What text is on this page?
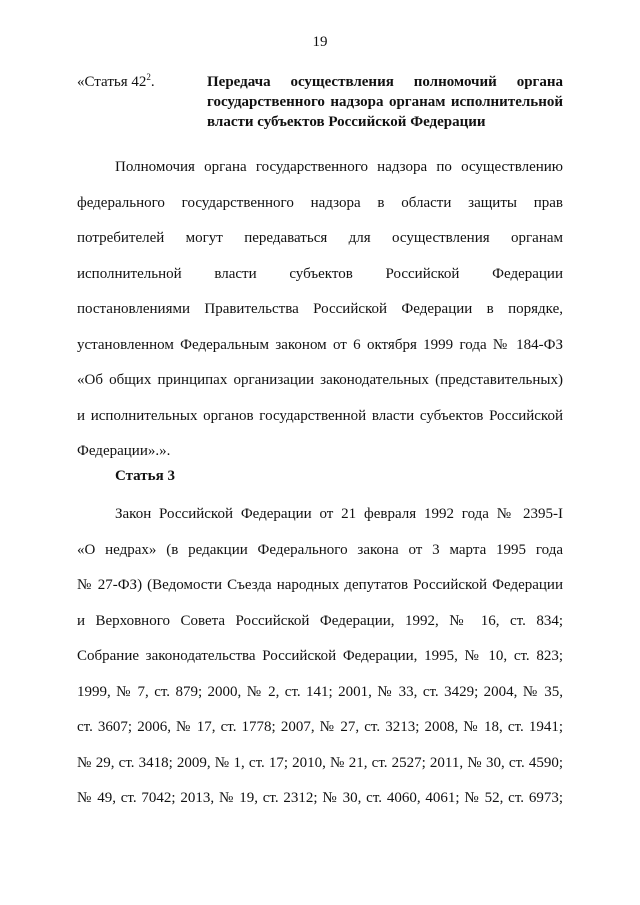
19
«Статья $42^2$.	Передача осуществления полномочий органа государственного надзора органам исполнительной власти субъектов Российской Федерации
Полномочия органа государственного надзора по осуществлению
федерального государственного надзора в области защиты прав
потребителей могут передаваться для осуществления органам
исполнительной власти субъектов Российской Федерации
постановлениями Правительства Российской Федерации в порядке,
установленном Федеральным законом от 6 октября 1999 года № 184-ФЗ
«Об общих принципах организации законодательных (представительных)
и исполнительных органов государственной власти субъектов Российской
Федерации».».
Статья 3
Закон Российской Федерации от 21 февраля 1992 года № 2395-I
«О недрах» (в редакции Федерального закона от 3 марта 1995 года
№ 27-ФЗ) (Ведомости Съезда народных депутатов Российской Федерации
и Верховного Совета Российской Федерации, 1992, № 16, ст. 834;
Собрание законодательства Российской Федерации, 1995, № 10, ст. 823;
1999, № 7, ст. 879; 2000, № 2, ст. 141; 2001, № 33, ст. 3429; 2004, № 35,
ст. 3607; 2006, № 17, ст. 1778; 2007, № 27, ст. 3213; 2008, № 18, ст. 1941;
№ 29, ст. 3418; 2009, № 1, ст. 17; 2010, № 21, ст. 2527; 2011, № 30, ст. 4590;
№ 49, ст. 7042; 2013, № 19, ст. 2312; № 30, ст. 4060, 4061; № 52, ст. 6973;
